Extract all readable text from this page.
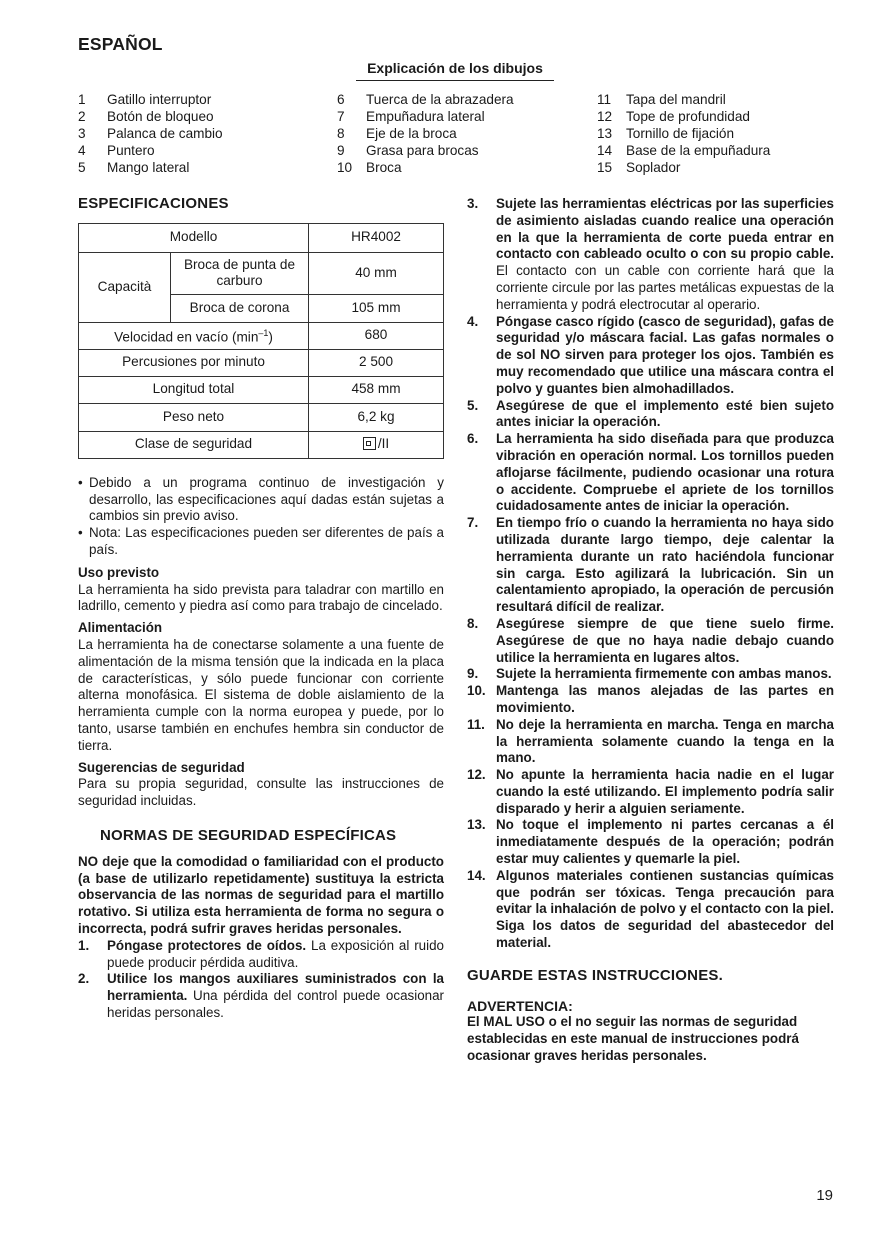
ESPAÑOL
Explicación de los dibujos
1	Gatillo interruptor
2	Botón de bloqueo
3	Palanca de cambio
4	Puntero
5	Mango lateral
6	Tuerca de la abrazadera
7	Empuñadura lateral
8	Eje de la broca
9	Grasa para brocas
10	Broca
11	Tapa del mandril
12	Tope de profundidad
13	Tornillo de fijación
14	Base de la empuñadura
15	Soplador
ESPECIFICACIONES
Modello		HR4002
Capacità	Broca de punta de carburo	40 mm
	Broca de corona	105 mm
Velocidad en vacío $(\min^{-1})$		680
Percusiones por minuto		2 500
Longitud total		458 mm
Peso neto		6,2 kg
Clase de seguridad		/II
• Debido a un programa continuo de investigación y desarrollo, las especificaciones aquí dadas están sujetas a cambios sin previo aviso.
• Nota: Las especificaciones pueden ser diferentes de país a país.
Uso previsto
La herramienta ha sido prevista para taladrar con martillo en ladrillo, cemento y piedra así como para trabajo de cincelado.
Alimentación
La herramienta ha de conectarse solamente a una fuente de alimentación de la misma tensión que la indicada en la placa de características, y sólo puede funcionar con corriente alterna monofásica. El sistema de doble aislamiento de la herramienta cumple con la norma europea y puede, por lo tanto, usarse también en enchufes hembra sin conductor de tierra.
Sugerencias de seguridad
Para su propia seguridad, consulte las instrucciones de seguridad incluidas.
NORMAS DE SEGURIDAD ESPECÍFICAS
NO deje que la comodidad o familiaridad con el producto (a base de utilizarlo repetidamente) sustituya la estricta observancia de las normas de seguridad para el martillo rotativo. Si utiliza esta herramienta de forma no segura o incorrecta, podrá sufrir graves heridas personales.
1.	Póngase protectores de oídos. La exposición al ruido puede producir pérdida auditiva.
2.	Utilice los mangos auxiliares suministrados con la herramienta. Una pérdida del control puede ocasionar heridas personales.
3.	Sujete las herramientas eléctricas por las superficies de asimiento aisladas cuando realice una operación en la que la herramienta de corte pueda entrar en contacto con cableado oculto o con su propio cable. El contacto con un cable con corriente hará que la corriente circule por las partes metálicas expuestas de la herramienta y podrá electrocutar al operario.
4.	Póngase casco rígido (casco de seguridad), gafas de seguridad y/o máscara facial. Las gafas normales o de sol NO sirven para proteger los ojos. También es muy recomendado que utilice una máscara contra el polvo y guantes bien almohadillados.
5.	Asegúrese de que el implemento esté bien sujeto antes iniciar la operación.
6.	La herramienta ha sido diseñada para que produzca vibración en operación normal. Los tornillos pueden aflojarse fácilmente, pudiendo ocasionar una rotura o accidente. Compruebe el apriete de los tornillos cuidadosamente antes de iniciar la operación.
7.	En tiempo frío o cuando la herramienta no haya sido utilizada durante largo tiempo, deje calentar la herramienta durante un rato haciéndola funcionar sin carga. Esto agilizará la lubricación. Sin un calentamiento apropiado, la operación de percusión resultará difícil de realizar.
8.	Asegúrese siempre de que tiene suelo firme. Asegúrese de que no haya nadie debajo cuando utilice la herramienta en lugares altos.
9.	Sujete la herramienta firmemente con ambas manos.
10. Mantenga las manos alejadas de las partes en movimiento.
11. No deje la herramienta en marcha. Tenga en marcha la herramienta solamente cuando la tenga en la mano.
12. No apunte la herramienta hacia nadie en el lugar cuando la esté utilizando. El implemento podría salir disparado y herir a alguien seriamente.
13. No toque el implemento ni partes cercanas a él inmediatamente después de la operación; podrán estar muy calientes y quemarle la piel.
14. Algunos materiales contienen sustancias químicas que podrán ser tóxicas. Tenga precaución para evitar la inhalación de polvo y el contacto con la piel. Siga los datos de seguridad del abastecedor del material.
GUARDE ESTAS INSTRUCCIONES.
ADVERTENCIA:
El MAL USO o el no seguir las normas de seguridad establecidas en este manual de instrucciones podrá ocasionar graves heridas personales.
19
